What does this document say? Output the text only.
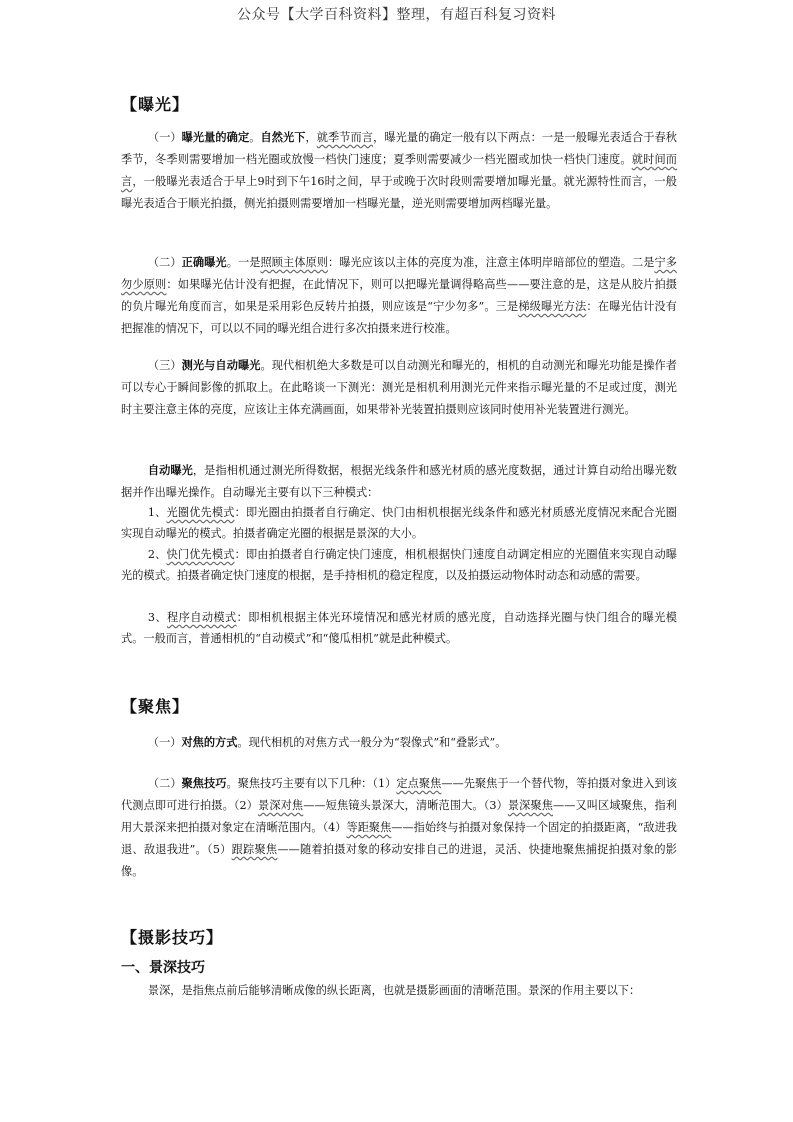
公众号【大学百科资料】整理，有超百科复习资料
【曝光】
（一）曝光量的确定。自然光下，就季节而言，曝光量的确定一般有以下两点：一是一般曝光表适合于春秋季节，冬季则需要增加一档光圈或放慢一档快门速度；夏季则需要减少一档光圈或加快一档快门速度。就时间而言，一般曝光表适合于早上9时到下午16时之间，早于或晚于次时段则需要增加曝光量。就光源特性而言，一般曝光表适合于顺光拍摄，侧光拍摄则需要增加一档曝光量，逆光则需要增加两档曝光量。
（二）正确曝光。一是照顾主体原则：曝光应该以主体的亮度为准，注意主体明岸暗部位的塑造。二是宁多勿少原则：如果曝光估计没有把握，在此情况下，则可以把曝光量调得略高些——要注意的是，这是从胶片拍摄的负片曝光角度而言，如果是采用彩色反转片拍摄，则应该是“宁少勿多”。三是梯级曝光方法：在曝光估计没有把握准的情况下，可以以不同的曝光组合进行多次拍摄来进行校准。
（三）测光与自动曝光。现代相机绝大多数是可以自动测光和曝光的，相机的自动测光和曝光功能是操作者可以专心于瞬间影像的抓取上。在此略谈一下测光：测光是相机利用测光元件来指示曝光量的不足或过度，测光时主要注意主体的亮度，应该让主体充满画面，如果带补光装置拍摄则应该同时使用补光装置进行测光。
自动曝光，是指相机通过测光所得数据，根据光线条件和感光材质的感光度数据，通过计算自动给出曝光数据并作出曝光操作。自动曝光主要有以下三种模式：
1、光圈优先模式：即光圈由拍摄者自行确定、快门由相机根据光线条件和感光材质感光度情况来配合光圈实现自动曝光的模式。拍摄者确定光圈的根据是景深的大小。
2、快门优先模式：即由拍摄者自行确定快门速度，相机根据快门速度自动调定相应的光圈值来实现自动曝光的模式。拍摄者确定快门速度的根据，是手持相机的稳定程度，以及拍摄运动物体时动态和动感的需要。
3、程序自动模式：即相机根据主体光环境情况和感光材质的感光度，自动选择光圈与快门组合的曝光模式。一般而言，普通相机的“自动模式”和“傻瓜相机”就是此种模式。
【聚焦】
（一）对焦的方式。现代相机的对焦方式一般分为“裂像式”和“叠影式”。
（二）聚焦技巧。聚焦技巧主要有以下几种：（1）定点聚焦——先聚焦于一个替代物，等拍摄对象进入到该代测点即可进行拍摄。（2）景深对焦——短焦镜头景深大，清晰范围大。（3）景深聚焦——又叫区域聚焦，指利用大景深来把拍摄对象定在清晰范围内。（4）等距聚焦——指始终与拍摄对象保持一个固定的拍摄距离，“敌进我退、敌退我进”。（5）跟踪聚焦——随着拍摄对象的移动安排自己的进退，灵活、快捷地聚焦捕捉拍摄对象的影像。
【摄影技巧】
一、景深技巧
景深，是指焦点前后能够清晰成像的纵长距离，也就是摄影画面的清晰范围。景深的作用主要以下：
